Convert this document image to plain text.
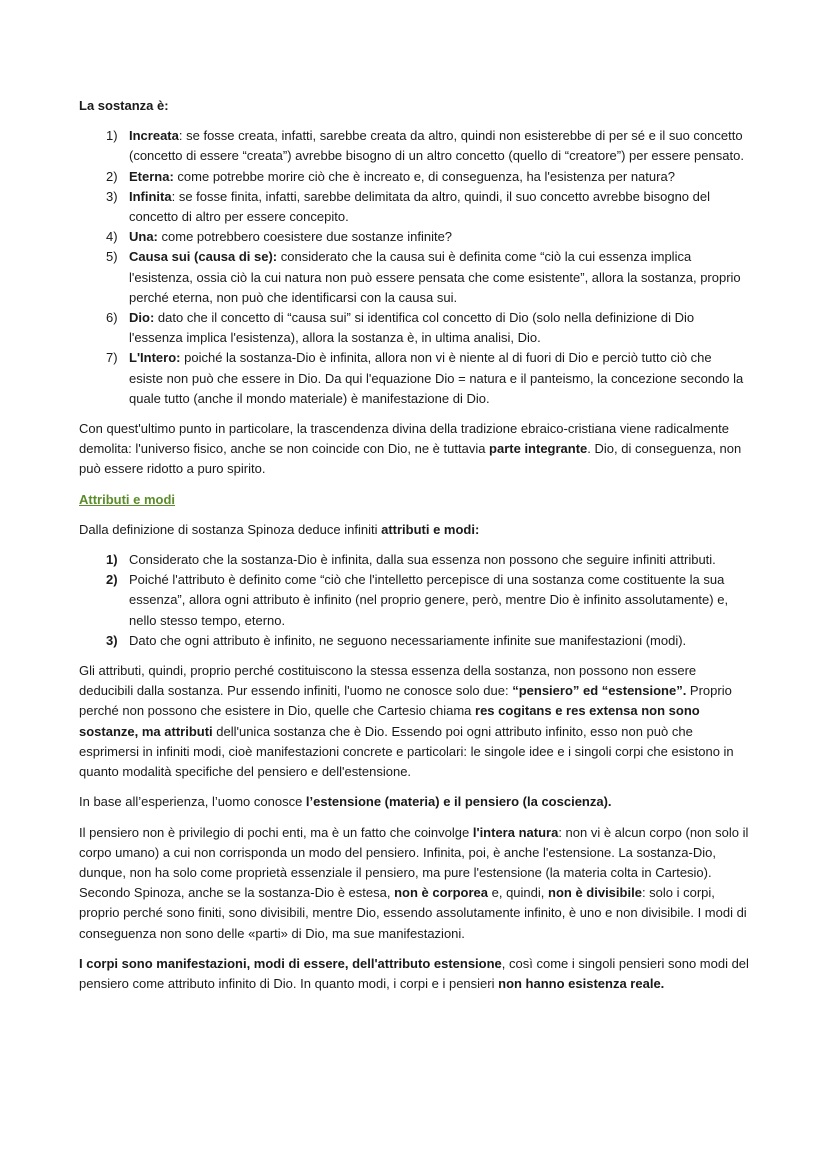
La sostanza è:
1) Increata: se fosse creata, infatti, sarebbe creata da altro, quindi non esisterebbe di per sé e il suo concetto (concetto di essere “creata”) avrebbe bisogno di un altro concetto (quello di “creatore”) per essere pensato.
2) Eterna: come potrebbe morire ciò che è increato e, di conseguenza, ha l'esistenza per natura?
3) Infinita: se fosse finita, infatti, sarebbe delimitata da altro, quindi, il suo concetto avrebbe bisogno del concetto di altro per essere concepito.
4) Una: come potrebbero coesistere due sostanze infinite?
5) Causa sui (causa di se): considerato che la causa sui è definita come “ciò la cui essenza implica l'esistenza, ossia ciò la cui natura non può essere pensata che come esistente”, allora la sostanza, proprio perché eterna, non può che identificarsi con la causa sui.
6) Dio: dato che il concetto di “causa sui” si identifica col concetto di Dio (solo nella definizione di Dio l'essenza implica l'esistenza), allora la sostanza è, in ultima analisi, Dio.
7) L'Intero: poiché la sostanza-Dio è infinita, allora non vi è niente al di fuori di Dio e perciò tutto ciò che esiste non può che essere in Dio. Da qui l'equazione Dio = natura e il panteismo, la concezione secondo la quale tutto (anche il mondo materiale) è manifestazione di Dio.

Con quest'ultimo punto in particolare, la trascendenza divina della tradizione ebraico-cristiana viene radicalmente demolita: l'universo fisico, anche se non coincide con Dio, ne è tuttavia parte integrante. Dio, di conseguenza, non può essere ridotto a puro spirito.

Attributi e modi

Dalla definizione di sostanza Spinoza deduce infiniti attributi e modi:

1) Considerato che la sostanza-Dio è infinita, dalla sua essenza non possono che seguire infiniti attributi.
2) Poiché l'attributo è definito come “ciò che l'intelletto percepisce di una sostanza come costituente la sua essenza”, allora ogni attributo è infinito (nel proprio genere, però, mentre Dio è infinito assolutamente) e, nello stesso tempo, eterno.
3) Dato che ogni attributo è infinito, ne seguono necessariamente infinite sue manifestazioni (modi).

Gli attributi, quindi, proprio perché costituiscono la stessa essenza della sostanza, non possono non essere deducibili dalla sostanza. Pur essendo infiniti, l'uomo ne conosce solo due: “pensiero” ed “estensione”. Proprio perché non possono che esistere in Dio, quelle che Cartesio chiama res cogitans e res extensa non sono sostanze, ma attributi dell'unica sostanza che è Dio. Essendo poi ogni attributo infinito, esso non può che esprimersi in infiniti modi, cioè manifestazioni concrete e particolari: le singole idee e i singoli corpi che esistono in quanto modalità specifiche del pensiero e dell'estensione.

In base all’esperienza, l’uomo conosce l’estensione (materia) e il pensiero (la coscienza).

Il pensiero non è privilegio di pochi enti, ma è un fatto che coinvolge l'intera natura: non vi è alcun corpo (non solo il corpo umano) a cui non corrisponda un modo del pensiero. Infinita, poi, è anche l'estensione. La sostanza-Dio, dunque, non ha solo come proprietà essenziale il pensiero, ma pure l'estensione (la materia colta in Cartesio). Secondo Spinoza, anche se la sostanza-Dio è estesa, non è corporea e, quindi, non è divisibile: solo i corpi, proprio perché sono finiti, sono divisibili, mentre Dio, essendo assolutamente infinito, è uno e non divisibile. I modi di conseguenza non sono delle «parti» di Dio, ma sue manifestazioni.

I corpi sono manifestazioni, modi di essere, dell'attributo estensione, così come i singoli pensieri sono modi del pensiero come attributo infinito di Dio. In quanto modi, i corpi e i pensieri non hanno esistenza reale.
